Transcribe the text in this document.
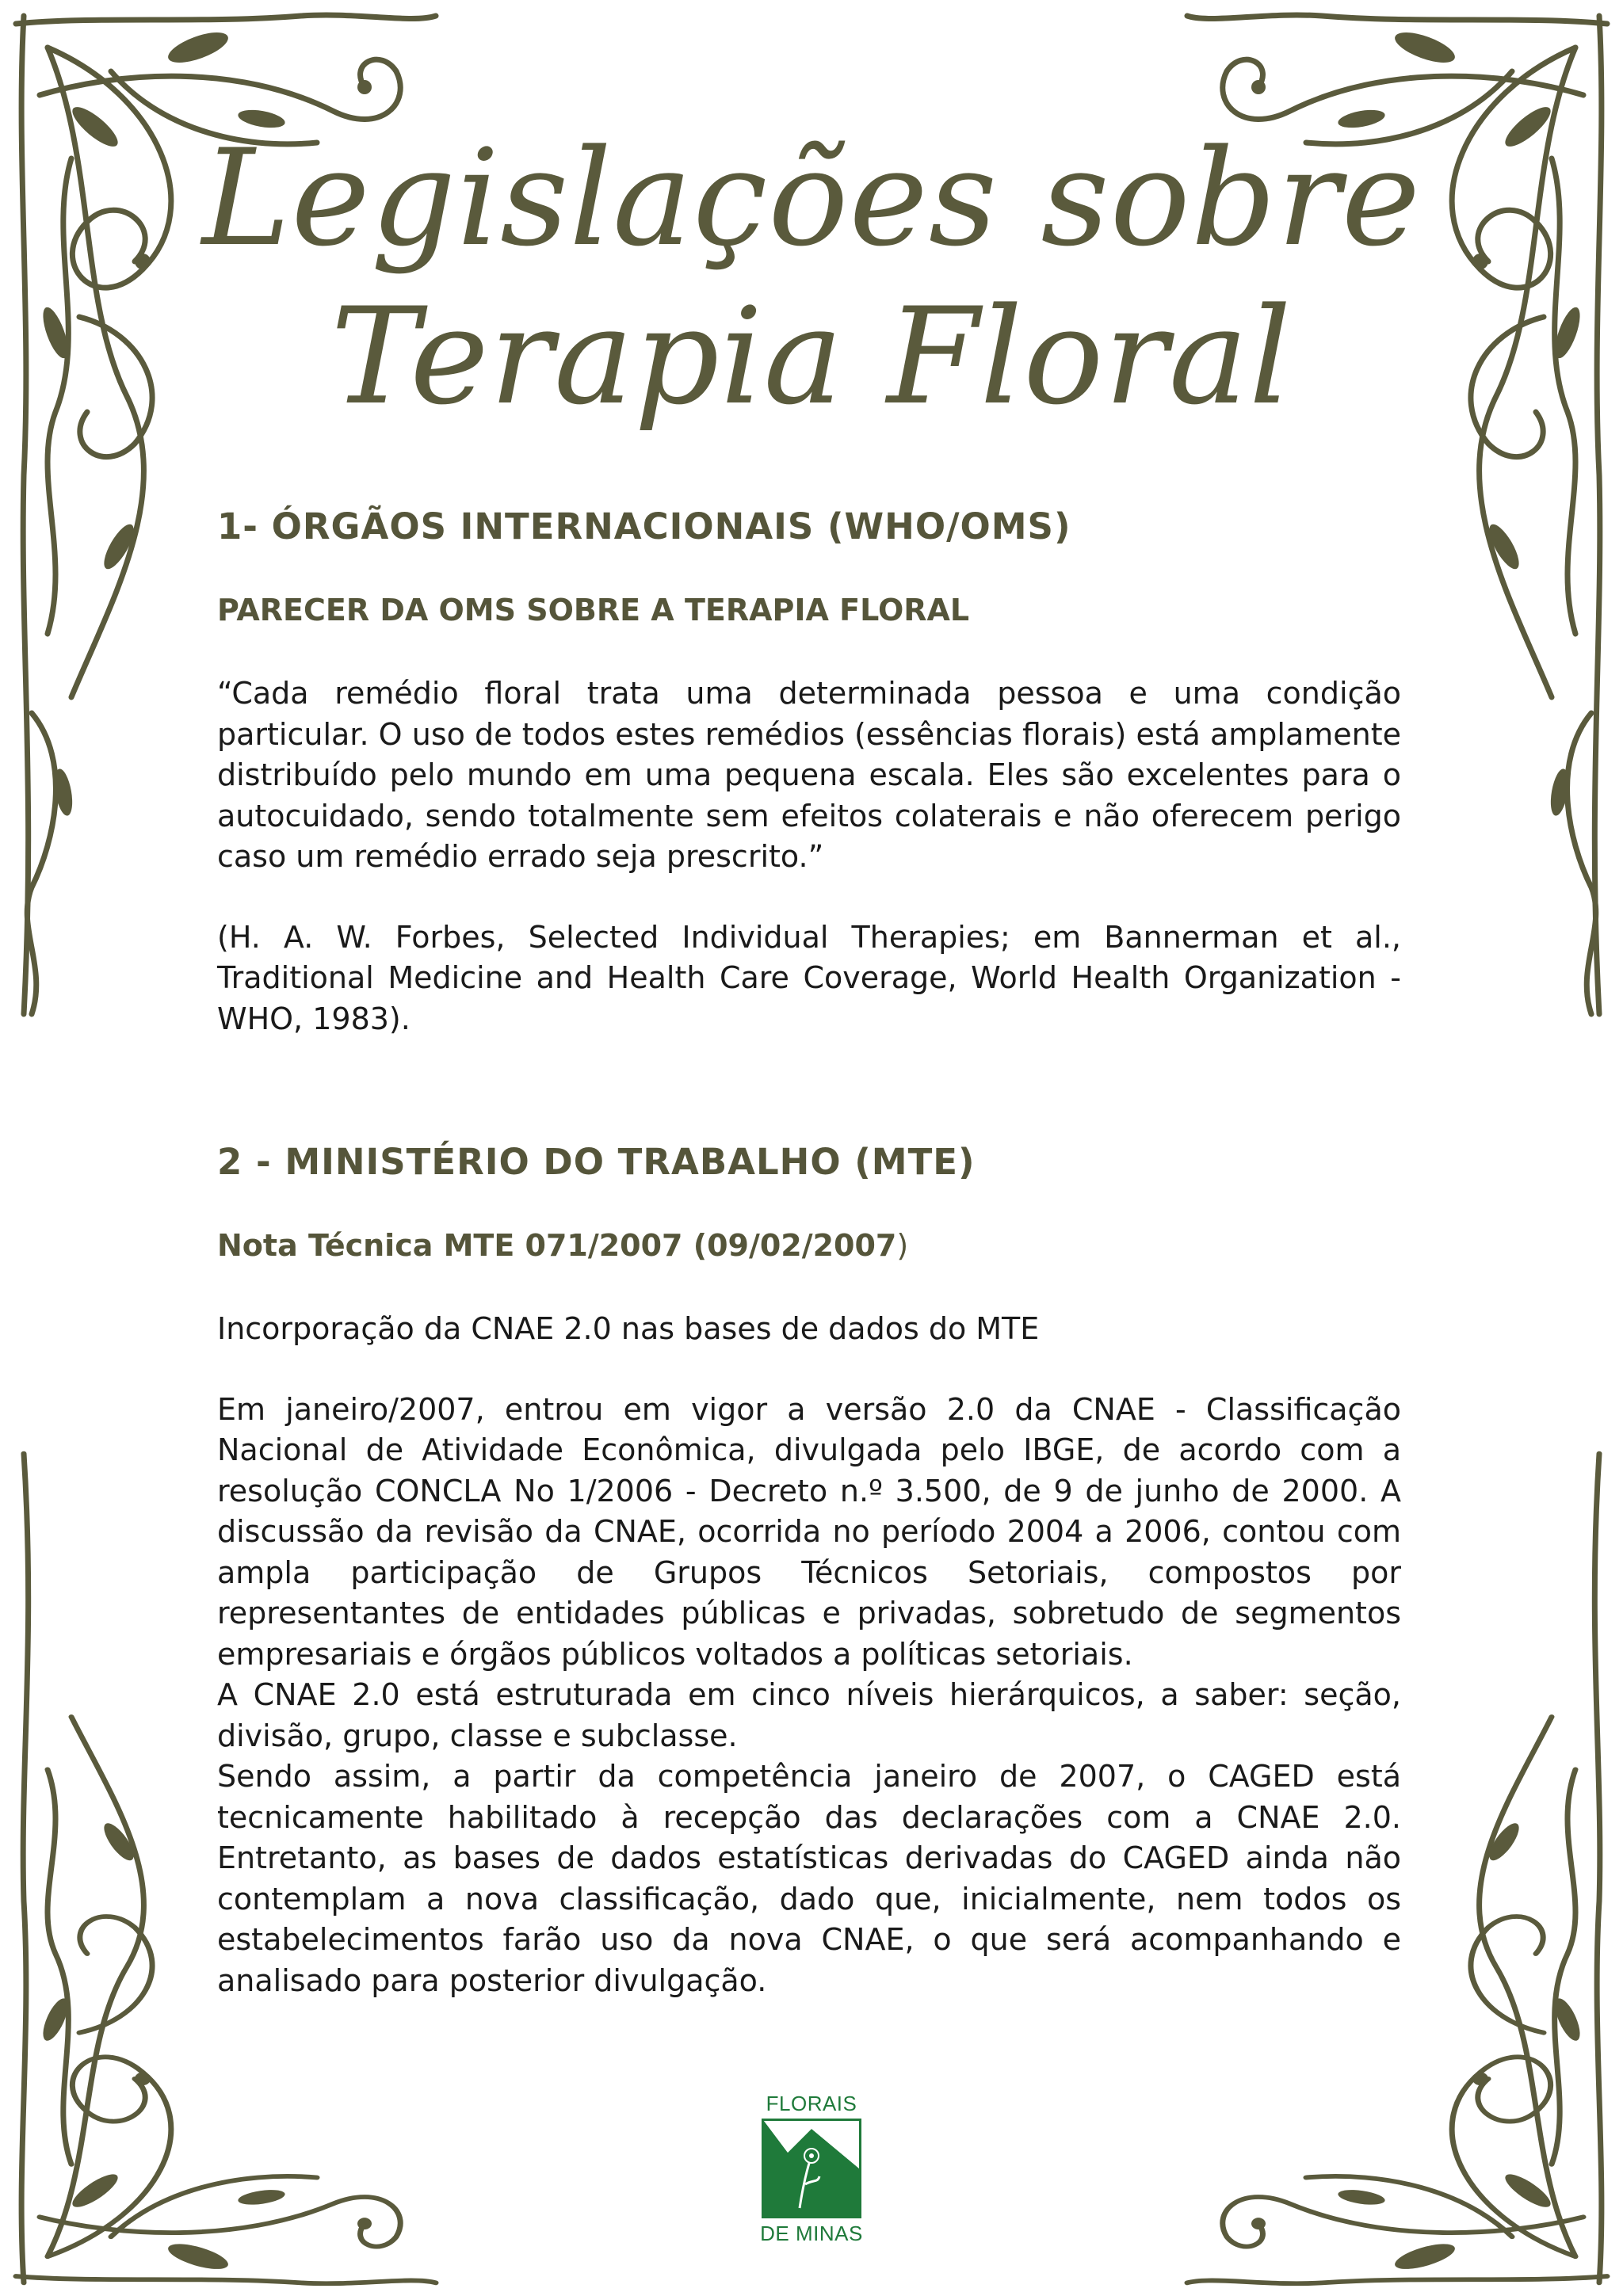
Legislações sobre
Terapia Floral
1- ÓRGÃOS INTERNACIONAIS (WHO/OMS)
PARECER DA OMS SOBRE A TERAPIA FLORAL

“Cada remédio floral trata uma determinada pessoa e uma condição particular. O uso de todos estes remédios (essências florais) está amplamente distribuído pelo mundo em uma pequena escala. Eles são excelentes para o autocuidado, sendo totalmente sem efeitos colaterais e não oferecem perigo caso um remédio errado seja prescrito.”

(H. A. W. Forbes, Selected Individual Therapies; em Bannerman et al., Traditional Medicine and Health Care Coverage, World Health Organization - WHO, 1983).

2 - MINISTÉRIO DO TRABALHO (MTE)
Nota Técnica MTE 071/2007 (09/02/2007)

Incorporação da CNAE 2.0 nas bases de dados do MTE

Em janeiro/2007, entrou em vigor a versão 2.0 da CNAE - Classificação Nacional de Atividade Econômica, divulgada pelo IBGE, de acordo com a resolução CONCLA No 1/2006 - Decreto n.º 3.500, de 9 de junho de 2000. A discussão da revisão da CNAE, ocorrida no período 2004 a 2006, contou com ampla participação de Grupos Técnicos Setoriais, compostos por representantes de entidades públicas e privadas, sobretudo de segmentos empresariais e órgãos públicos voltados a políticas setoriais.

A CNAE 2.0 está estruturada em cinco níveis hierárquicos, a saber: seção, divisão, grupo, classe e subclasse.

Sendo assim, a partir da competência janeiro de 2007, o CAGED está tecnicamente habilitado à recepção das declarações com a CNAE 2.0. Entretanto, as bases de dados estatísticas derivadas do CAGED ainda não contemplam a nova classificação, dado que, inicialmente, nem todos os estabelecimentos farão uso da nova CNAE, o que será acompanhando e analisado para posterior divulgação.

FLORAIS
DE MINAS
